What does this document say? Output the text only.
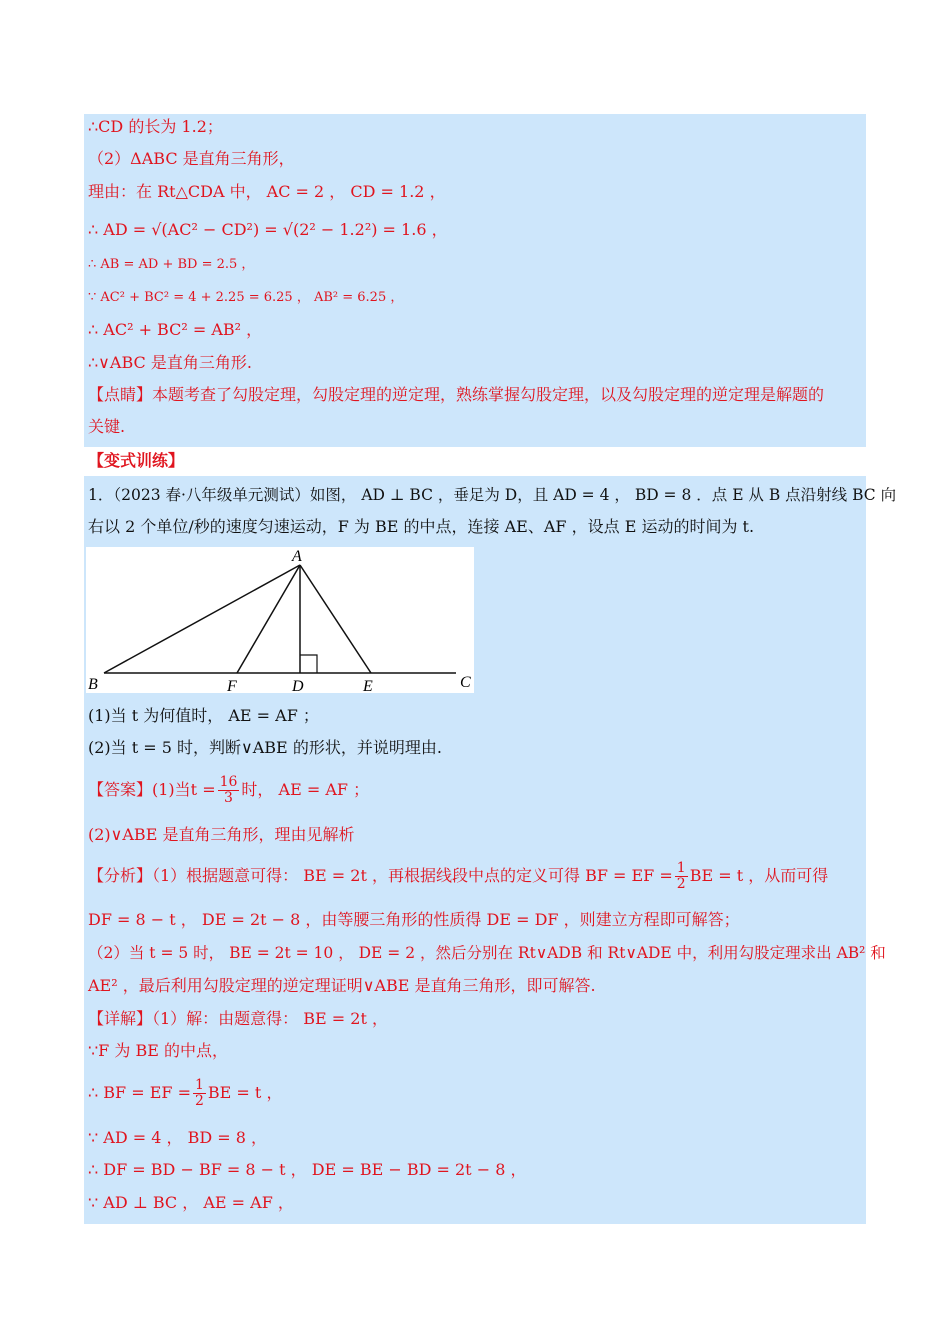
∴CD 的长为 1.2；
（2）ΔABC 是直角三角形，
理由：在 Rt△CDA 中， AC = 2 ， CD = 1.2 ，
∴ AD = √(AC² − CD²) = √(2² − 1.2²) = 1.6 ，
∴ AB = AD + BD = 2.5 ，
∵ AC² + BC² = 4 + 2.25 = 6.25 ， AB² = 6.25 ，
∴ AC² + BC² = AB² ，
∴∨ABC 是直角三角形.
【点睛】本题考查了勾股定理，勾股定理的逆定理，熟练掌握勾股定理，以及勾股定理的逆定理是解题的
关键.
【变式训练】
1．（2023 春·八年级单元测试）如图， AD ⊥ BC ，垂足为 D，且 AD = 4 ， BD = 8 ．点 E 从 B 点沿射线 BC 向
右以 2 个单位/秒的速度匀速运动，F 为 BE 的中点，连接 AE、AF ，设点 E 运动的时间为 t.
A
B	F	D	E	C
(1)当 t 为何值时， AE = AF ；
(2)当 t = 5 时，判断∨ABE 的形状，并说明理由.
【答案】(1)当$t = \frac{16}{3}$ 时， AE = AF ；
(2)∨ABE 是直角三角形，理由见解析
【分析】（1）根据题意可得： BE = 2t ，再根据线段中点的定义可得 BF = EF = $\frac{1}{2}$ BE = t ，从而可得
DF = 8 − t ， DE = 2t − 8 ，由等腰三角形的性质得 DE = DF ，则建立方程即可解答；
（2）当 t = 5 时， BE = 2t = 10 ， DE = 2 ，然后分别在 Rt∨ADB 和 Rt∨ADE 中，利用勾股定理求出 AB² 和
AE² ，最后利用勾股定理的逆定理证明∨ABE 是直角三角形，即可解答.
【详解】（1）解：由题意得： BE = 2t ，
∵F 为 BE 的中点，
∴ BF = EF = $\frac{1}{2}$ BE = t ，
∵ AD = 4 ， BD = 8 ，
∴ DF = BD − BF = 8 − t ， DE = BE − BD = 2t − 8 ，
∵ AD ⊥ BC ， AE = AF ，
